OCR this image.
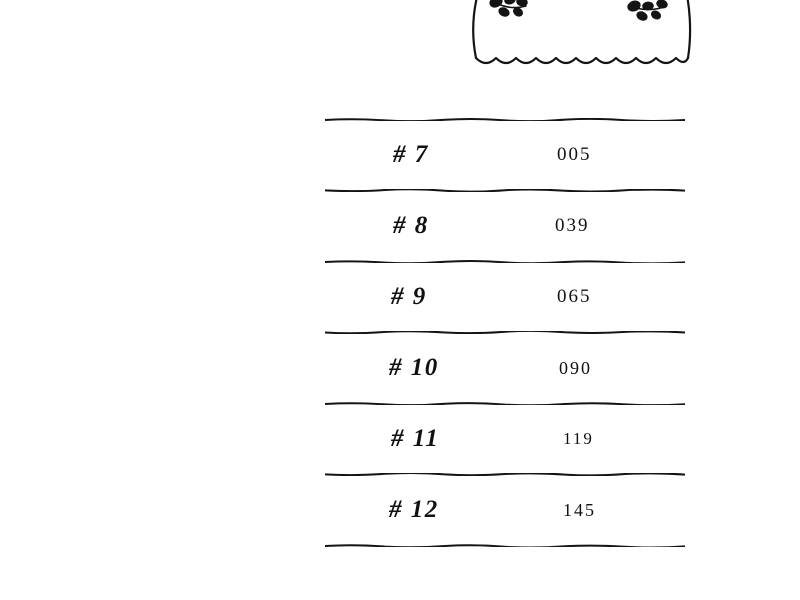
# 7	005
# 8	039
# 9	065
# 10	090
# 11	119
# 12	145
